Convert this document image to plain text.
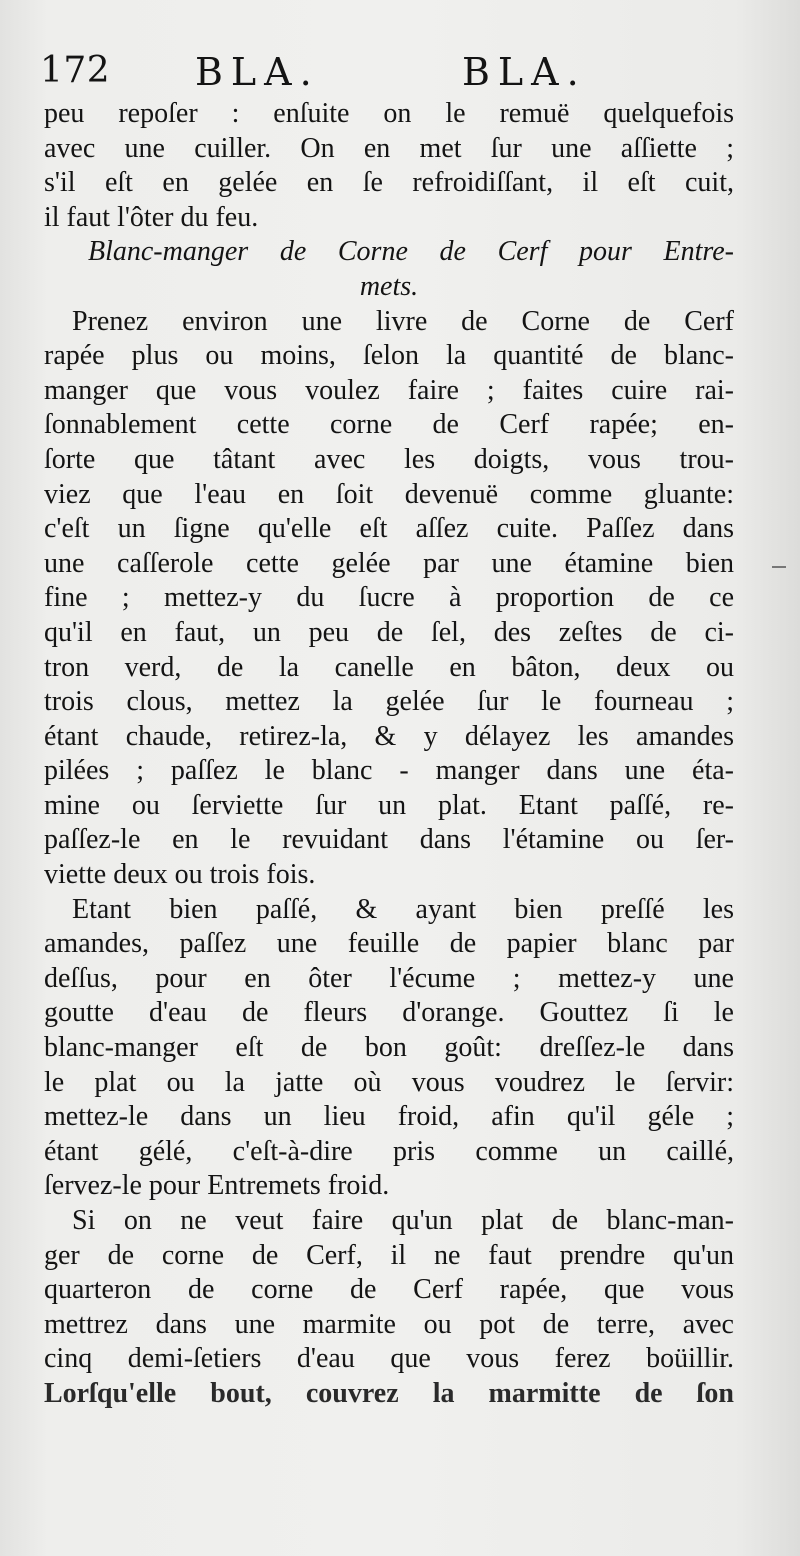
172 BLA.	BLA.
peu repoſer : enſuite on le remuë quelquefois
avec une cuiller. On en met ſur une aſſiette ;
s'il eſt en gelée en ſe refroidiſſant, il eſt cuit,
il faut l'ôter du feu.
Blanc-manger de Corne de Cerf pour Entre-
mets.
Prenez environ une livre de Corne de Cerf
rapée plus ou moins, ſelon la quantité de blanc-
manger que vous voulez faire ; faites cuire rai-
ſonnablement cette corne de Cerf rapée; en-
ſorte que tâtant avec les doigts, vous trou-
viez que l'eau en ſoit devenuë comme gluante:
c'eſt un ſigne qu'elle eſt aſſez cuite. Paſſez dans
une caſſerole cette gelée par une étamine bien
fine ; mettez-y du ſucre à proportion de ce
qu'il en faut, un peu de ſel, des zeſtes de ci-
tron verd, de la canelle en bâton, deux ou
trois clous, mettez la gelée ſur le fourneau ;
étant chaude, retirez-la, & y délayez les amandes
pilées ; paſſez le blanc - manger dans une éta-
mine ou ſerviette ſur un plat. Etant paſſé, re-
paſſez-le en le revuidant dans l'étamine ou ſer-
viette deux ou trois fois.
Etant bien paſſé, & ayant bien preſſé les
amandes, paſſez une feuille de papier blanc par
deſſus, pour en ôter l'écume ; mettez-y une
goutte d'eau de fleurs d'orange. Gouttez ſi le
blanc-manger eſt de bon goût: dreſſez-le dans
le plat ou la jatte où vous voudrez le ſervir:
mettez-le dans un lieu froid, afin qu'il géle ;
étant gélé, c'eſt-à-dire pris comme un caillé,
ſervez-le pour Entremets froid.
Si on ne veut faire qu'un plat de blanc-man-
ger de corne de Cerf, il ne faut prendre qu'un
quarteron de corne de Cerf rapée, que vous
mettrez dans une marmite ou pot de terre, avec
cinq demi-ſetiers d'eau que vous ferez boüillir.
Lorſqu'elle bout, couvrez la marmitte de ſon
